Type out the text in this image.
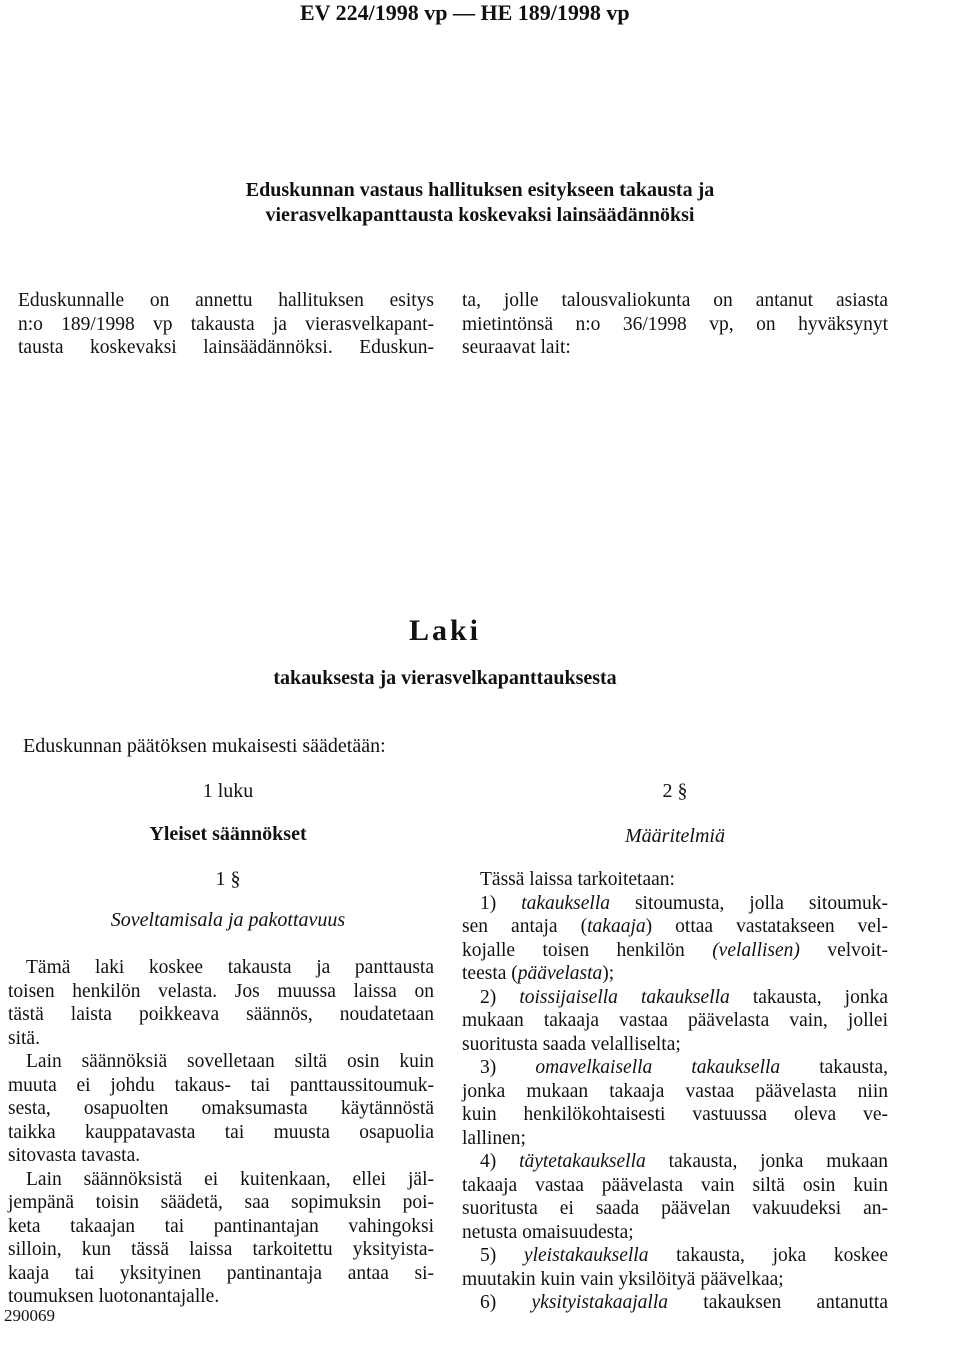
EV 224/1998 vp — HE 189/1998 vp
Eduskunnan vastaus hallituksen esitykseen takausta ja
vierasvelkapanttausta koskevaksi lainsäädännöksi
Eduskunnalle on annettu hallituksen esitys
n:o 189/1998 vp takausta ja vierasvelkapant-
tausta koskevaksi lainsäädännöksi. Eduskun-
ta, jolle talousvaliokunta on antanut asiasta
mietintönsä n:o 36/1998 vp, on hyväksynyt
seuraavat lait:
Laki
takauksesta ja vierasvelkapanttauksesta
Eduskunnan päätöksen mukaisesti säädetään:
1 luku
Yleiset säännökset
1 §
Soveltamisala ja pakottavuus
Tämä laki koskee takausta ja panttausta
toisen henkilön velasta. Jos muussa laissa on
tästä laista poikkeava säännös, noudatetaan
sitä.
Lain säännöksiä sovelletaan siltä osin kuin
muuta ei johdu takaus- tai panttaussitoumuk-
sesta, osapuolten omaksumasta käytännöstä
taikka kauppatavasta tai muusta osapuolia
sitovasta tavasta.
Lain säännöksistä ei kuitenkaan, ellei jäl-
jempänä toisin säädetä, saa sopimuksin poi-
keta takaajan tai pantinantajan vahingoksi
silloin, kun tässä laissa tarkoitettu yksityista-
kaaja tai yksityinen pantinantaja antaa si-
toumuksen luotonantajalle.
2 §
Määritelmiä
Tässä laissa tarkoitetaan:
1) takauksella sitoumusta, jolla sitoumuk-
sen antaja (takaaja) ottaa vastatakseen vel-
kojalle toisen henkilön (velallisen) velvoit-
teesta (päävelasta);
2) toissijaisella takauksella takausta, jonka
mukaan takaaja vastaa päävelasta vain, jollei
suoritusta saada velalliselta;
3) omavelkaisella takauksella takausta,
jonka mukaan takaaja vastaa päävelasta niin
kuin henkilökohtaisesti vastuussa oleva ve-
lallinen;
4) täytetakauksella takausta, jonka mukaan
takaaja vastaa päävelasta vain siltä osin kuin
suoritusta ei saada päävelan vakuudeksi an-
netusta omaisuudesta;
5) yleistakauksella takausta, joka koskee
muutakin kuin vain yksilöityä päävelkaa;
6) yksityistakaajalla takauksen antanutta
290069
